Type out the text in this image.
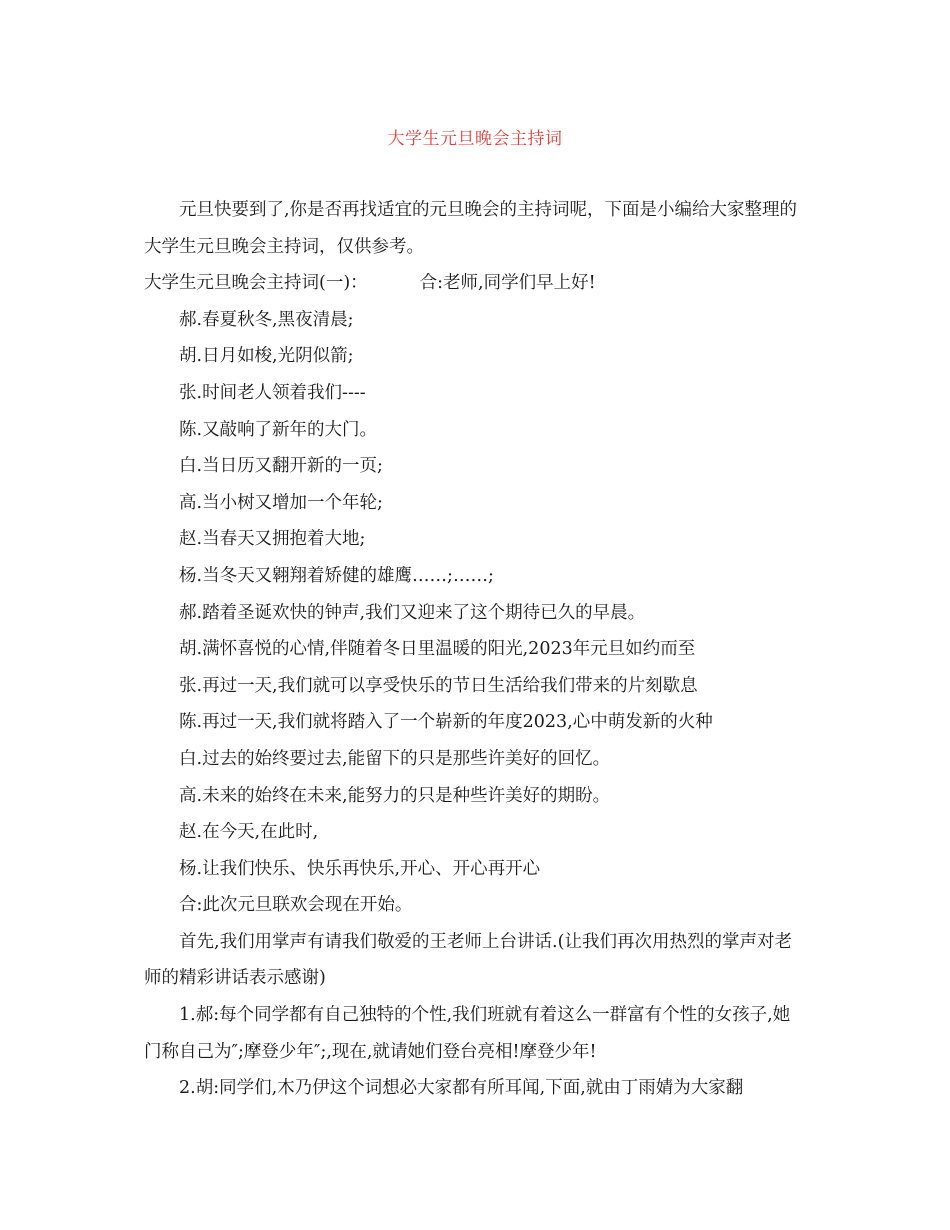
大学生元旦晚会主持词

元旦快要到了,你是否再找适宜的元旦晚会的主持词呢，下面是小编给大家整理的大学生元旦晚会主持词，仅供参考。

大学生元旦晚会主持词(一)：	合:老师,同学们早上好!

郝.春夏秋冬,黑夜清晨;

胡.日月如梭,光阴似箭;

张.时间老人领着我们----

陈.又敲响了新年的大门。

白.当日历又翻开新的一页;

高.当小树又增加一个年轮;

赵.当春天又拥抱着大地;

杨.当冬天又翱翔着矫健的雄鹰……;……;

郝.踏着圣诞欢快的钟声,我们又迎来了这个期待已久的早晨。

胡.满怀喜悦的心情,伴随着冬日里温暖的阳光,2023年元旦如约而至

张.再过一天,我们就可以享受快乐的节日生活给我们带来的片刻歇息

陈.再过一天,我们就将踏入了一个崭新的年度2023,心中萌发新的火种

白.过去的始终要过去,能留下的只是那些许美好的回忆。

高.未来的始终在未来,能努力的只是种些许美好的期盼。

赵.在今天,在此时,

杨.让我们快乐、快乐再快乐,开心、开心再开心

合:此次元旦联欢会现在开始。

首先,我们用掌声有请我们敬爱的王老师上台讲话.(让我们再次用热烈的掌声对老师的精彩讲话表示感谢)

1.郝:每个同学都有自己独特的个性,我们班就有着这么一群富有个性的女孩子,她门称自己为″;摩登少年″;,现在,就请她们登台亮相!摩登少年!

2.胡:同学们,木乃伊这个词想必大家都有所耳闻,下面,就由丁雨婧为大家翻
